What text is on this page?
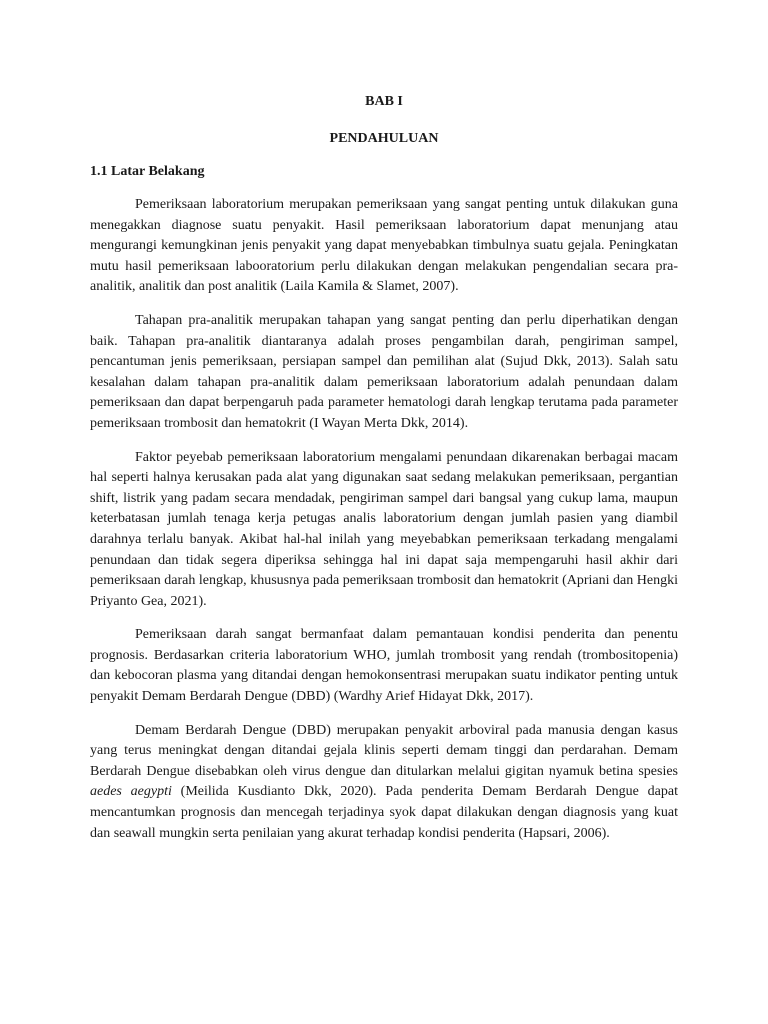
BAB I

PENDAHULUAN

1.1 Latar Belakang

Pemeriksaan laboratorium merupakan pemeriksaan yang sangat penting untuk dilakukan guna menegakkan diagnose suatu penyakit. Hasil pemeriksaan laboratorium dapat menunjang atau mengurangi kemungkinan jenis penyakit yang dapat menyebabkan timbulnya suatu gejala. Peningkatan mutu hasil pemeriksaan labooratorium perlu dilakukan dengan melakukan pengendalian secara pra-analitik, analitik dan post analitik (Laila Kamila & Slamet, 2007).

Tahapan pra-analitik merupakan tahapan yang sangat penting dan perlu diperhatikan dengan baik. Tahapan pra-analitik diantaranya adalah proses pengambilan darah, pengiriman sampel, pencantuman jenis pemeriksaan, persiapan sampel dan pemilihan alat (Sujud Dkk, 2013). Salah satu kesalahan dalam tahapan pra-analitik dalam pemeriksaan laboratorium adalah penundaan dalam pemeriksaan dan dapat berpengaruh pada parameter hematologi darah lengkap terutama pada parameter pemeriksaan trombosit dan hematokrit (I Wayan Merta Dkk, 2014).

Faktor peyebab pemeriksaan laboratorium mengalami penundaan dikarenakan berbagai macam hal seperti halnya kerusakan pada alat yang digunakan saat sedang melakukan pemeriksaan, pergantian shift, listrik yang padam secara mendadak, pengiriman sampel dari bangsal yang cukup lama, maupun keterbatasan jumlah tenaga kerja petugas analis laboratorium dengan jumlah pasien yang diambil darahnya terlalu banyak. Akibat hal-hal inilah yang meyebabkan pemeriksaan terkadang mengalami penundaan dan tidak segera diperiksa sehingga hal ini dapat saja mempengaruhi hasil akhir dari pemeriksaan darah lengkap, khususnya pada pemeriksaan trombosit dan hematokrit (Apriani dan Hengki Priyanto Gea, 2021).

Pemeriksaan darah sangat bermanfaat dalam pemantauan kondisi penderita dan penentu prognosis. Berdasarkan criteria laboratorium WHO, jumlah trombosit yang rendah (trombositopenia) dan kebocoran plasma yang ditandai dengan hemokonsentrasi merupakan suatu indikator penting untuk penyakit Demam Berdarah Dengue (DBD) (Wardhy Arief Hidayat Dkk, 2017).

Demam Berdarah Dengue (DBD) merupakan penyakit arboviral pada manusia dengan kasus yang terus meningkat dengan ditandai gejala klinis seperti demam tinggi dan perdarahan. Demam Berdarah Dengue disebabkan oleh virus dengue dan ditularkan melalui gigitan nyamuk betina spesies aedes aegypti (Meilida Kusdianto Dkk, 2020). Pada penderita Demam Berdarah Dengue dapat mencantumkan prognosis dan mencegah terjadinya syok dapat dilakukan dengan diagnosis yang kuat dan seawall mungkin serta penilaian yang akurat terhadap kondisi penderita (Hapsari, 2006).
